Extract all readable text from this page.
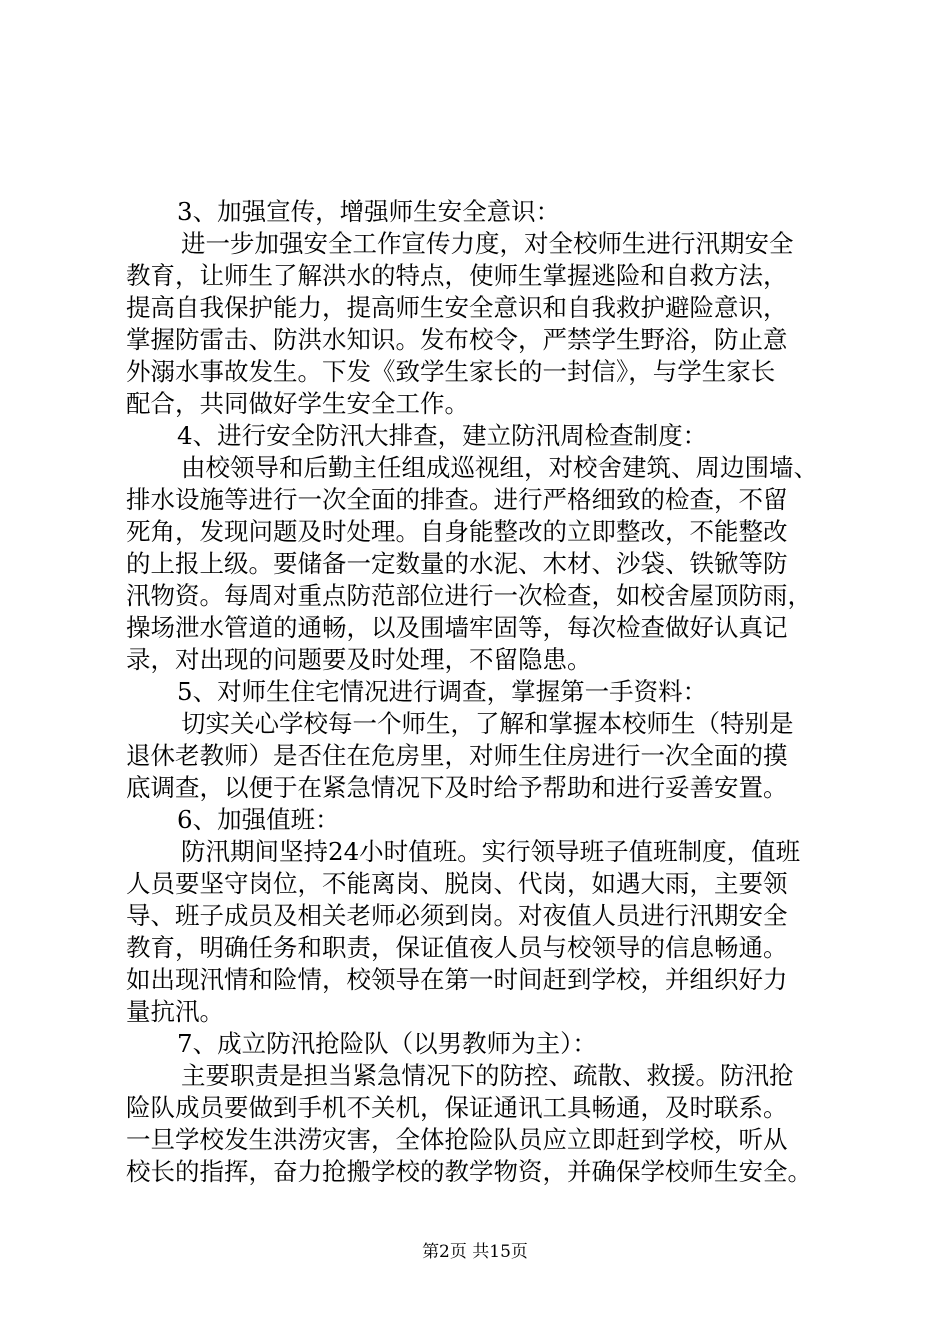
3、加强宣传，增强师生安全意识：
进一步加强安全工作宣传力度，对全校师生进行汛期安全
教育，让师生了解洪水的特点，使师生掌握逃险和自救方法，
提高自我保护能力，提高师生安全意识和自我救护避险意识，
掌握防雷击、防洪水知识。发布校令，严禁学生野浴，防止意
外溺水事故发生。下发《致学生家长的一封信》，与学生家长
配合，共同做好学生安全工作。
4、进行安全防汛大排查，建立防汛周检查制度：
由校领导和后勤主任组成巡视组，对校舍建筑、周边围墙、
排水设施等进行一次全面的排查。进行严格细致的检查，不留
死角，发现问题及时处理。自身能整改的立即整改，不能整改
的上报上级。要储备一定数量的水泥、木材、沙袋、铁锨等防
汛物资。每周对重点防范部位进行一次检查，如校舍屋顶防雨，
操场泄水管道的通畅，以及围墙牢固等，每次检查做好认真记
录，对出现的问题要及时处理，不留隐患。
5、对师生住宅情况进行调查，掌握第一手资料：
切实关心学校每一个师生，了解和掌握本校师生（特别是
退休老教师）是否住在危房里，对师生住房进行一次全面的摸
底调查，以便于在紧急情况下及时给予帮助和进行妥善安置。
6、加强值班：
防汛期间坚持24小时值班。实行领导班子值班制度，值班
人员要坚守岗位，不能离岗、脱岗、代岗，如遇大雨，主要领
导、班子成员及相关老师必须到岗。对夜值人员进行汛期安全
教育，明确任务和职责，保证值夜人员与校领导的信息畅通。
如出现汛情和险情，校领导在第一时间赶到学校，并组织好力
量抗汛。
7、成立防汛抢险队（以男教师为主）：
主要职责是担当紧急情况下的防控、疏散、救援。防汛抢
险队成员要做到手机不关机，保证通讯工具畅通，及时联系。
一旦学校发生洪涝灾害，全体抢险队员应立即赶到学校，听从
校长的指挥，奋力抢搬学校的教学物资，并确保学校师生安全。
第2页 共15页
